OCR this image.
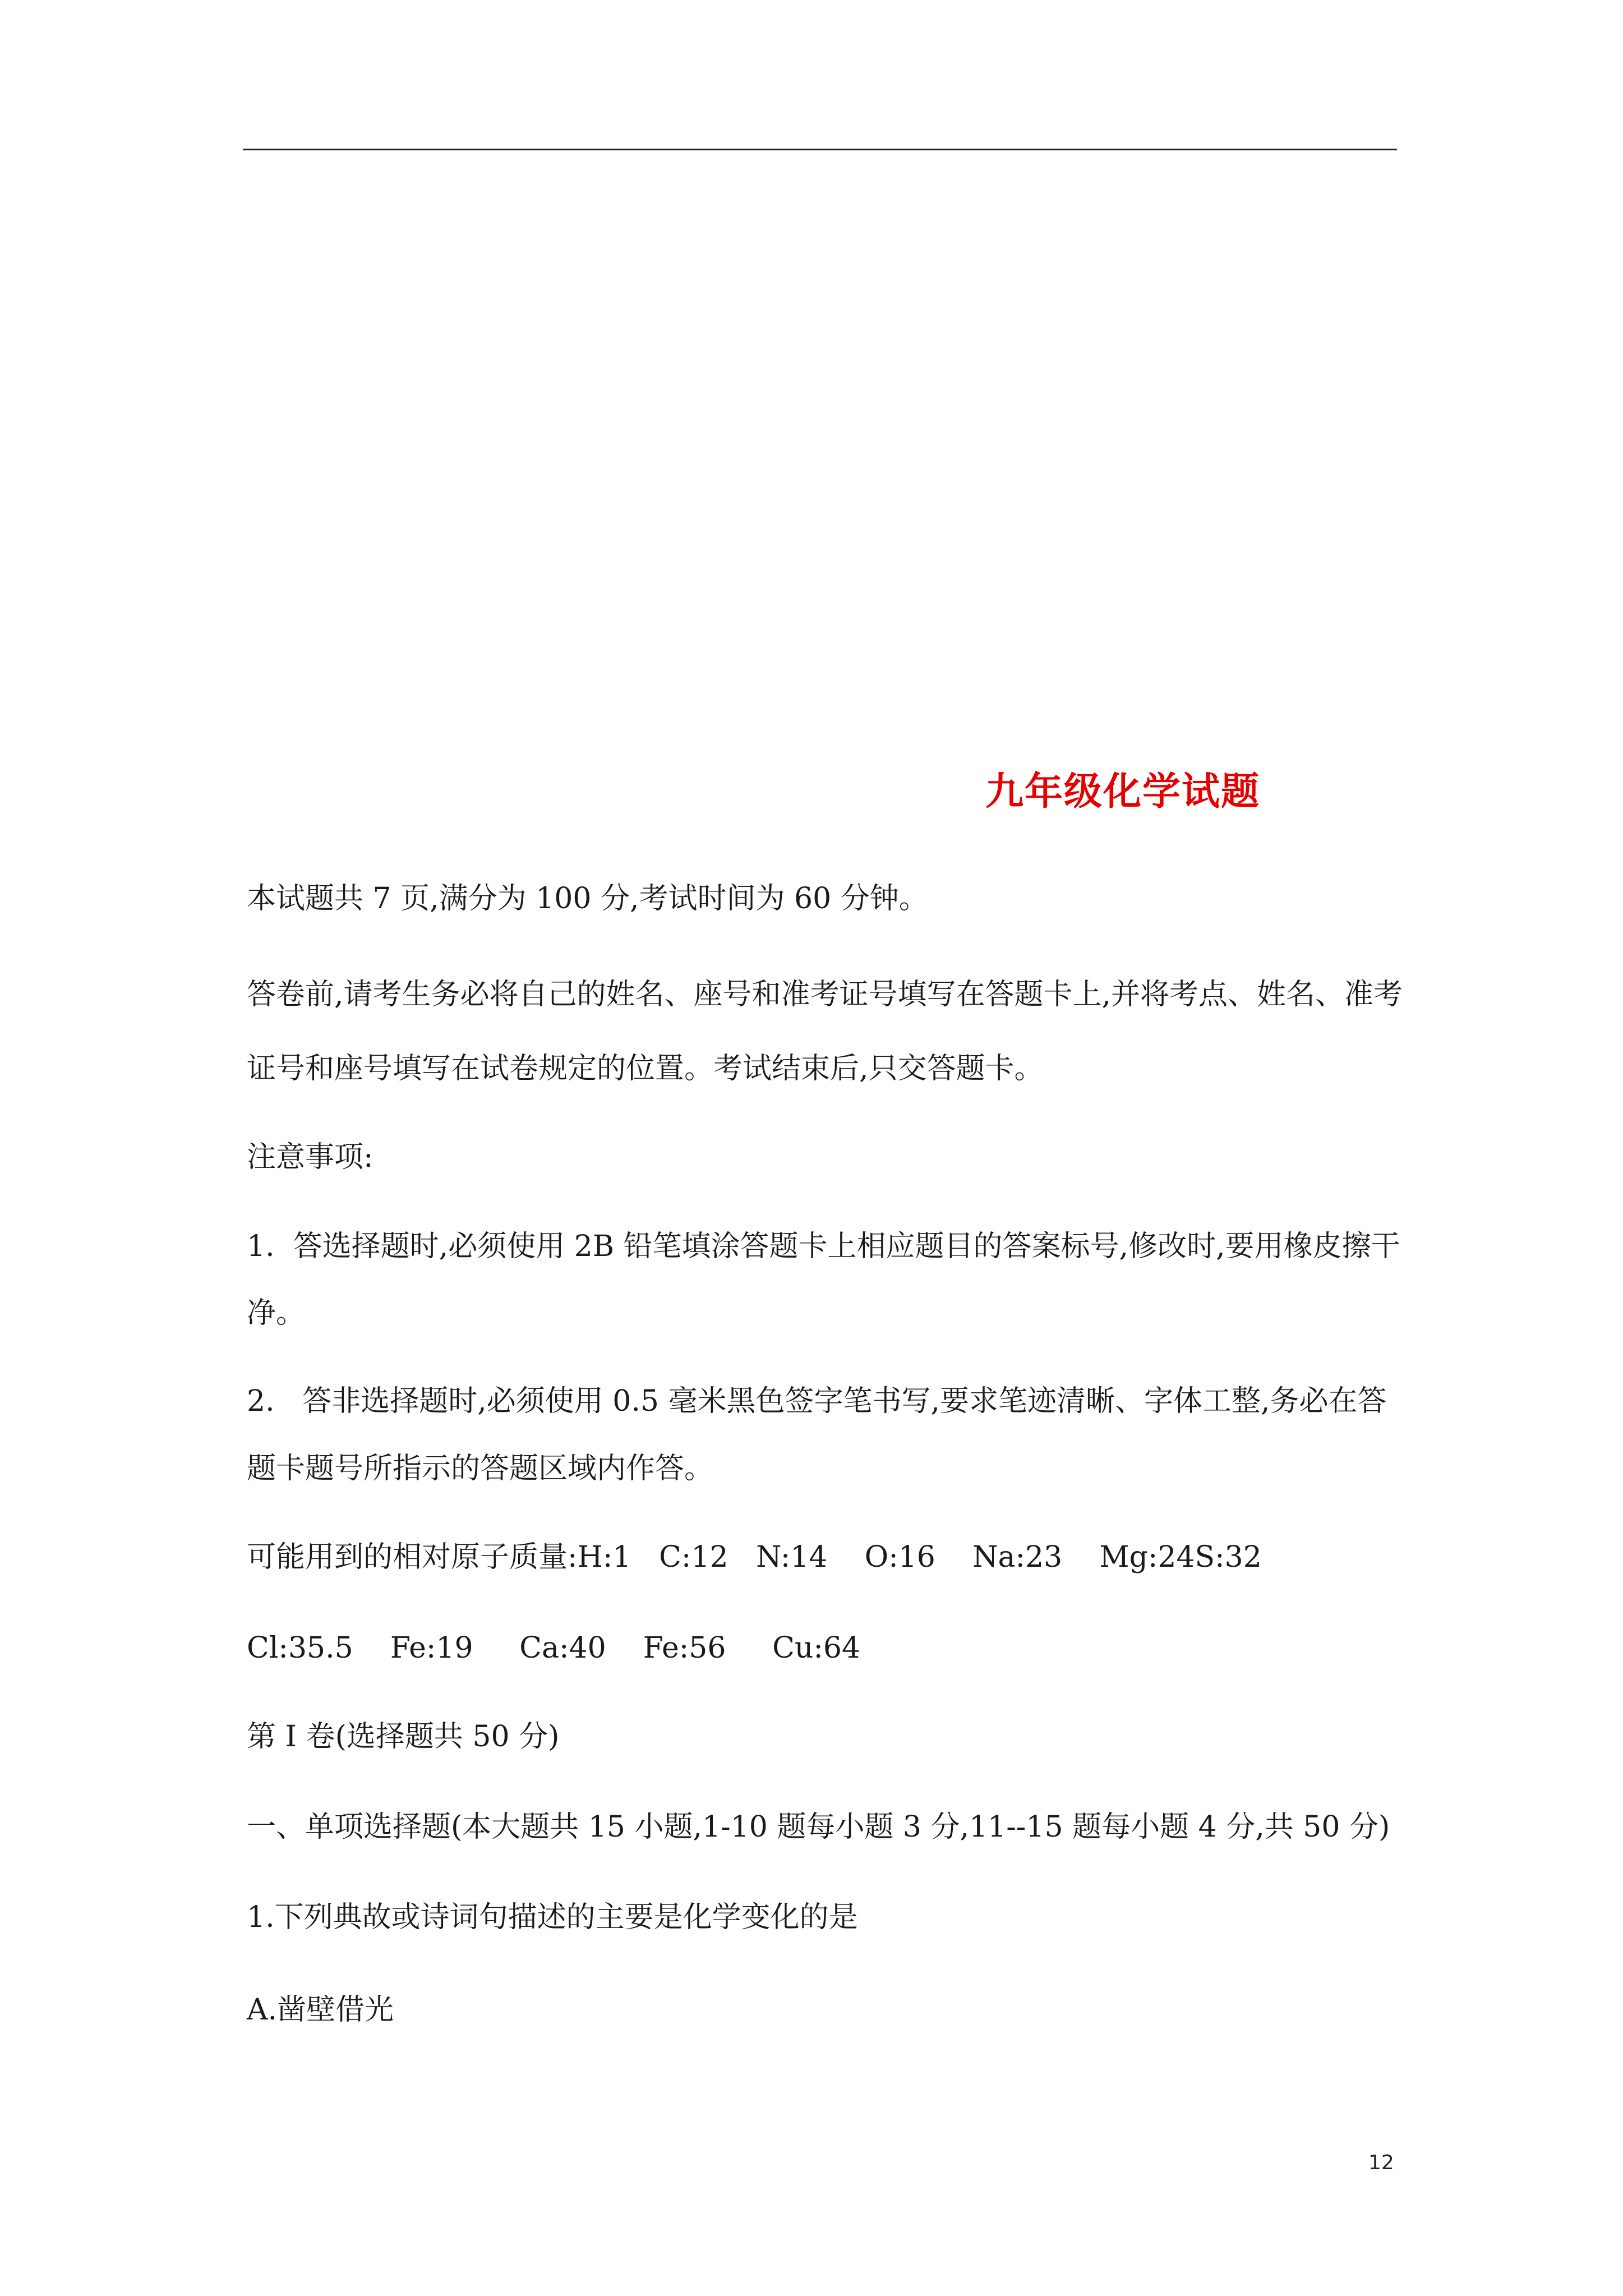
九年级化学试题
本试题共 7 页,满分为 100 分,考试时间为 60 分钟。
答卷前,请考生务必将自己的姓名、座号和准考证号填写在答题卡上,并将考点、姓名、准考
证号和座号填写在试卷规定的位置。考试结束后,只交答题卡。
注意事项:
1.  答选择题时,必须使用 2B 铅笔填涂答题卡上相应题目的答案标号,修改时,要用橡皮擦干
净。
2.   答非选择题时,必须使用 0.5 毫米黑色签字笔书写,要求笔迹清晰、字体工整,务必在答
题卡题号所指示的答题区域内作答。
可能用到的相对原子质量:H:1   C:12   N:14    O:16    Na:23    Mg:24S:32
Cl:35.5    Fe:19     Ca:40    Fe:56     Cu:64
第 I 卷(选择题共 50 分)
一、单项选择题(本大题共 15 小题,1-10 题每小题 3 分,11--15 题每小题 4 分,共 50 分)
1.下列典故或诗词句描述的主要是化学变化的是
A.凿壁借光
12
